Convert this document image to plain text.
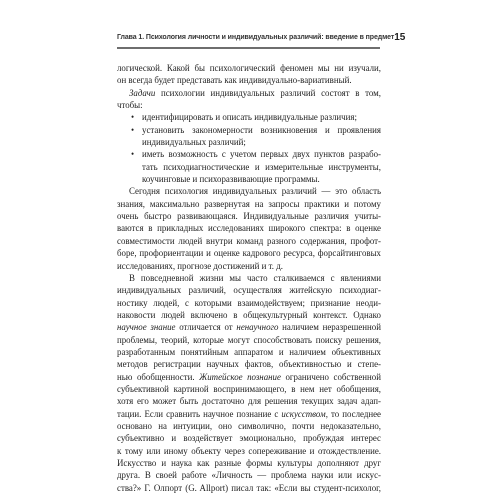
Глава 1. Психология личности и индивидуальных различий: введение в предмет 15
логической. Какой бы психологический феномен мы ни изучали,
он всегда будет представать как индивидуально-вариативный.
Задачи психологии индивидуальных различий состоят в том,
чтобы:
• идентифицировать и описать индивидуальные различия;
• установить закономерности возникновения и проявления
индивидуальных различий;
• иметь возможность с учетом первых двух пунктов разрабо-
тать психодиагностические и измерительные инструменты,
коучинговые и психоразвивающие программы.
Сегодня психология индивидуальных различий — это область
знания, максимально развернутая на запросы практики и потому
очень быстро развивающаяся. Индивидуальные различия учиты-
ваются в прикладных исследованиях широкого спектра: в оценке
совместимости людей внутри команд разного содержания, профот-
боре, профориентации и оценке кадрового ресурса, форсайтинговых
исследованиях, прогнозе достижений и т. д.
В повседневной жизни мы часто сталкиваемся с явлениями
индивидуальных различий, осуществляя житейскую психодиаг-
ностику людей, с которыми взаимодействуем; признание неоди-
наковости людей включено в общекультурный контекст. Однако
научное знание отличается от ненаучного наличием неразрешенной
проблемы, теорий, которые могут способствовать поиску решения,
разработанным понятийным аппаратом и наличием объективных
методов регистрации научных фактов, объективностью и степе-
нью обобщенности. Житейское познание ограничено собственной
субъективной картиной воспринимающего, в нем нет обобщения,
хотя его может быть достаточно для решения текущих задач адап-
тации. Если сравнить научное познание с искусством, то последнее
основано на интуиции, оно символично, почти недоказательно,
субъективно и воздействует эмоционально, пробуждая интерес
к тому или иному объекту через сопереживание и отождествление.
Искусство и наука как разные формы культуры дополняют друг
друга. В своей работе «Личность — проблема науки или искус-
ства?» Г. Олпорт (G. Allport) писал так: «Если вы студент-психолог,
